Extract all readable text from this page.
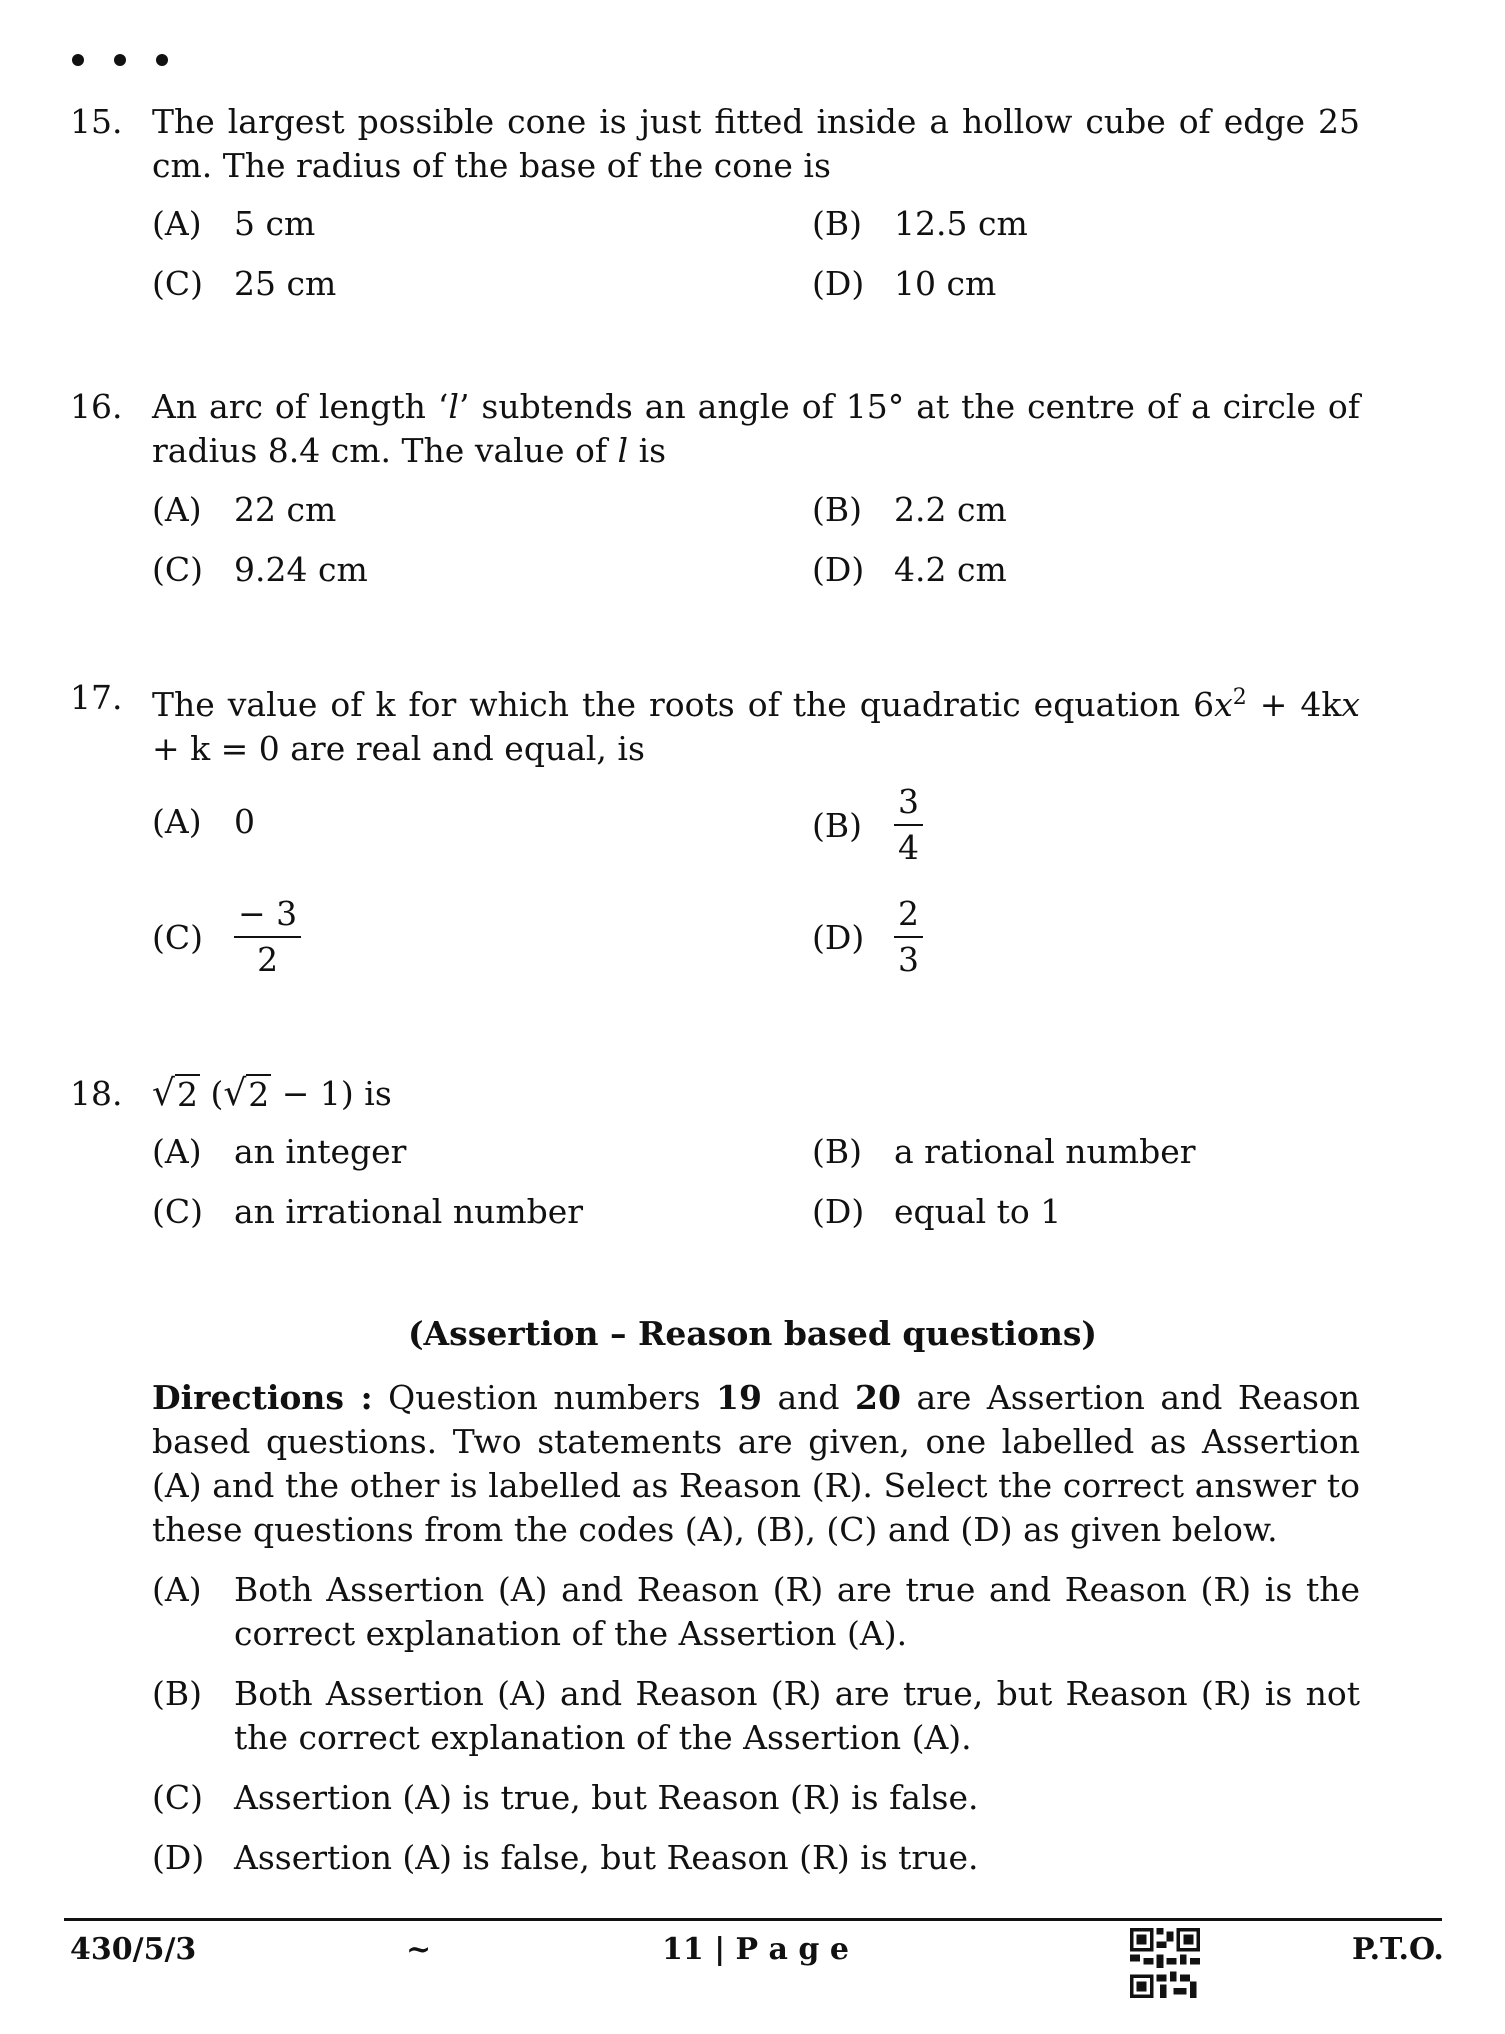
15. The largest possible cone is just fitted inside a hollow cube of edge 25 cm. The radius of the base of the cone is
(A) 5 cm	(B) 12.5 cm
(C) 25 cm	(D) 10 cm
16. An arc of length ‘l’ subtends an angle of 15° at the centre of a circle of radius 8.4 cm. The value of l is
(A) 22 cm	(B) 2.2 cm
(C) 9.24 cm	(D) 4.2 cm
17. The value of k for which the roots of the quadratic equation $6x^2 + 4kx + k = 0$ are real and equal, is
(A) 0	$(B) \frac{3}{4}$
$(C) \frac{- 3}{2}$	$(D) \frac{2}{3}$
18. √ 2 ( √ 2 − 1) is
(A) an integer	(B) a rational number
(C) an irrational number	(D) equal to 1
(Assertion – Reason based questions)
Directions : Question numbers 19 and 20 are Assertion and Reason based questions. Two statements are given, one labelled as Assertion (A) and the other is labelled as Reason (R). Select the correct answer to these questions from the codes (A), (B), (C) and (D) as given below.
(A) Both Assertion (A) and Reason (R) are true and Reason (R) is the correct explanation of the Assertion (A).
(B) Both Assertion (A) and Reason (R) are true, but Reason (R) is not the correct explanation of the Assertion (A).
(C) Assertion (A) is true, but Reason (R) is false.
(D) Assertion (A) is false, but Reason (R) is true.
430/5/3	~	11 | P a g e	P.T.O.
